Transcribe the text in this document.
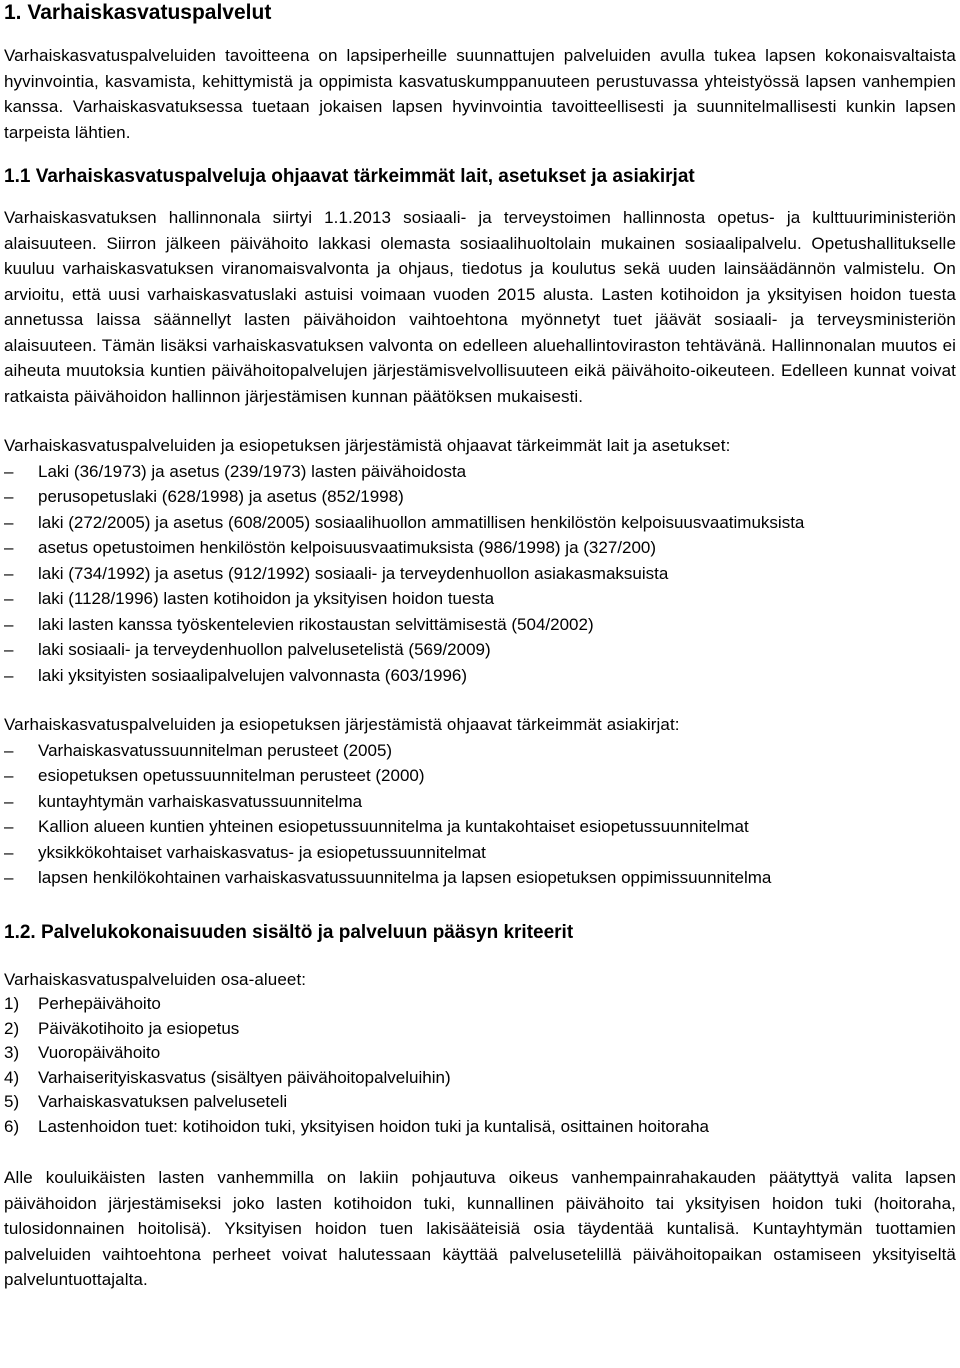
1. Varhaiskasvatuspalvelut

Varhaiskasvatuspalveluiden tavoitteena on lapsiperheille suunnattujen palveluiden avulla tukea lapsen kokonaisvaltaista hyvinvointia, kasvamista, kehittymistä ja oppimista kasvatuskumppanuuteen perustuvassa yhteistyössä lapsen vanhempien kanssa. Varhaiskasvatuksessa tuetaan jokaisen lapsen hyvinvointia tavoitteellisesti ja suunnitelmallisesti kunkin lapsen tarpeista lähtien.

1.1 Varhaiskasvatuspalveluja ohjaavat tärkeimmät lait, asetukset ja asiakirjat

Varhaiskasvatuksen hallinnonala siirtyi 1.1.2013 sosiaali- ja terveystoimen hallinnosta opetus- ja kulttuuriministeriön alaisuuteen. Siirron jälkeen päivähoito lakkasi olemasta sosiaalihuoltolain mukainen sosiaalipalvelu. Opetushallitukselle kuuluu varhaiskasvatuksen viranomaisvalvonta ja ohjaus, tiedotus ja koulutus sekä uuden lainsäädännön valmistelu. On arvioitu, että uusi varhaiskasvatuslaki astuisi voimaan vuoden 2015 alusta. Lasten kotihoidon ja yksityisen hoidon tuesta annetussa laissa säännellyt lasten päivähoidon vaihtoehtona myönnetyt tuet jäävät sosiaali- ja terveysministeriön alaisuuteen. Tämän lisäksi varhaiskasvatuksen valvonta on edelleen aluehallintoviraston tehtävänä. Hallinnonalan muutos ei aiheuta muutoksia kuntien päivähoitopalvelujen järjestämisvelvollisuuteen eikä päivähoito-oikeuteen. Edelleen kunnat voivat ratkaista päivähoidon hallinnon järjestämisen kunnan päätöksen mukaisesti.

Varhaiskasvatuspalveluiden ja esiopetuksen järjestämistä ohjaavat tärkeimmät lait ja asetukset:

–	Laki (36/1973) ja asetus (239/1973) lasten päivähoidosta
–	perusopetuslaki (628/1998) ja asetus (852/1998)
–	laki (272/2005) ja asetus (608/2005) sosiaalihuollon ammatillisen henkilöstön kelpoisuusvaatimuksista
–	asetus opetustoimen henkilöstön kelpoisuusvaatimuksista (986/1998) ja (327/200)
–	laki (734/1992) ja asetus (912/1992) sosiaali- ja terveydenhuollon asiakasmaksuista
–	laki (1128/1996) lasten kotihoidon ja yksityisen hoidon tuesta
–	laki lasten kanssa työskentelevien rikostaustan selvittämisestä (504/2002)
–	laki sosiaali- ja terveydenhuollon palvelusetelistä (569/2009)
–	laki yksityisten sosiaalipalvelujen valvonnasta (603/1996)

Varhaiskasvatuspalveluiden ja esiopetuksen järjestämistä ohjaavat tärkeimmät asiakirjat:

–	Varhaiskasvatussuunnitelman perusteet (2005)
–	esiopetuksen opetussuunnitelman perusteet (2000)
–	kuntayhtymän varhaiskasvatussuunnitelma
–	Kallion alueen kuntien yhteinen esiopetussuunnitelma ja kuntakohtaiset esiopetussuunnitelmat
–	yksikkökohtaiset varhaiskasvatus- ja esiopetussuunnitelmat
–	lapsen henkilökohtainen varhaiskasvatussuunnitelma ja lapsen esiopetuksen oppimissuunnitelma
1.2. Palvelukokonaisuuden sisältö ja palveluun pääsyn kriteerit

Varhaiskasvatuspalveluiden osa-alueet:

1) Perhepäivähoito
2) Päiväkotihoito ja esiopetus
3) Vuoropäivähoito
4) Varhaiserityiskasvatus (sisältyen päivähoitopalveluihin)
5) Varhaiskasvatuksen palveluseteli
6) Lastenhoidon tuet: kotihoidon tuki, yksityisen hoidon tuki ja kuntalisä, osittainen hoitoraha

Alle kouluikäisten lasten vanhemmilla on lakiin pohjautuva oikeus vanhempainrahakauden päätyttyä valita lapsen päivähoidon järjestämiseksi joko lasten kotihoidon tuki, kunnallinen päivähoito tai yksityisen hoidon tuki (hoitoraha, tulosidonnainen hoitolisä). Yksityisen hoidon tuen lakisääteisiä osia täydentää kuntalisä. Kuntayhtymän tuottamien palveluiden vaihtoehtona perheet voivat halutessaan käyttää palvelusetelillä päivähoitopaikan ostamiseen yksityiseltä palveluntuottajalta.
